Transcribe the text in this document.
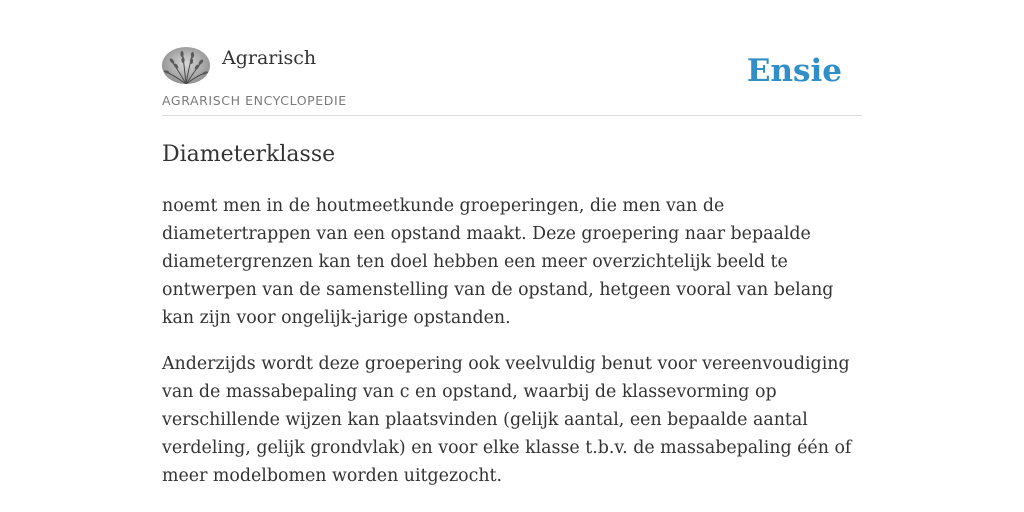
Agrarisch
AGRARISCH ENCYCLOPEDIE
Ensie
Diameterklasse

noemt men in de houtmeetkunde groeperingen, die men van de diametertrappen van een opstand maakt. Deze groepering naar bepaalde diametergrenzen kan ten doel hebben een meer overzichtelijk beeld te ontwerpen van de samenstelling van de opstand, hetgeen vooral van belang kan zijn voor ongelijk-jarige opstanden.

Anderzijds wordt deze groepering ook veelvuldig benut voor vereenvoudiging van de massabepaling van c en opstand, waarbij de klassevorming op verschillende wijzen kan plaatsvinden (gelijk aantal, een bepaalde aantal verdeling, gelijk grondvlak) en voor elke klasse t.b.v. de massabepaling één of meer modelbomen worden uitgezocht.
